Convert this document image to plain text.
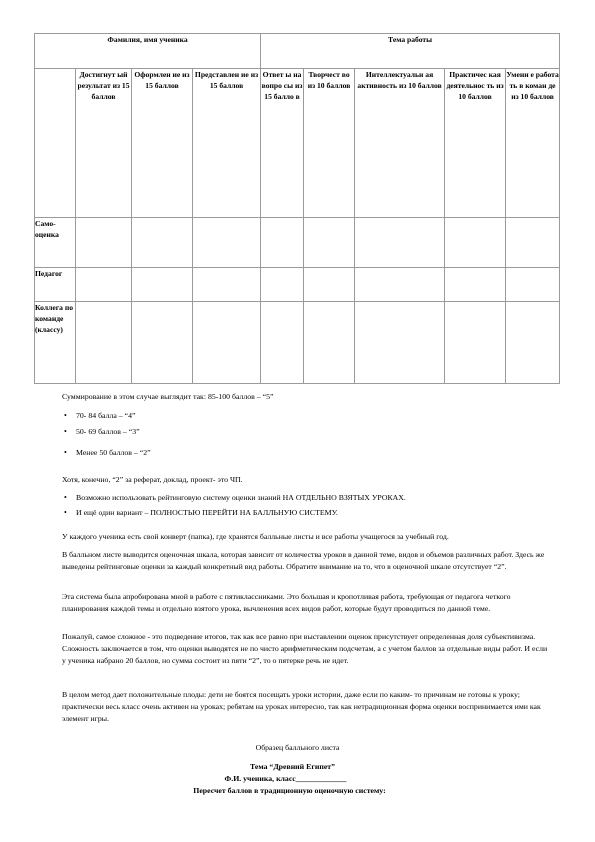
Фамилия, имя ученика				Тема работы				
	Достигнут ый результат из 15 баллов	Оформлен ие из 15 баллов	Представлен ие из 15 баллов	Ответ ы на вопро сы из 15 балло в	Творчест во из 10 баллов	Интеллектуальн ая активность из 10 баллов	Практичес кая деятельнос ть из 10 баллов	Умени е работа ть в коман де из 10 баллов
Само-оценка								
Педагог								
Коллега по команде (классу)								

Суммирование в этом случае выглядит так: 85-100 баллов – “5”

• 70- 84 балла – “4”
• 50- 69 баллов – “3”
• Менее 50 баллов – “2”

Хотя, конечно, “2” за реферат, доклад, проект- это ЧП.

• Возможно использовать рейтинговую систему оценки знаний НА ОТДЕЛЬНО ВЗЯТЫХ УРОКАХ.
• И ещё один вариант – ПОЛНОСТЬЮ ПЕРЕЙТИ НА БАЛЛЬНУЮ СИСТЕМУ.

У каждого ученика есть свой конверт (папка), где хранятся балльные листы и все работы учащегося за учебный год.

В балльном листе выводится оценочная шкала, которая зависит от количества уроков в данной теме, видов и объемов различных работ. Здесь же выведены рейтинговые оценки за каждый конкретный вид работы. Обратите внимание на то, что в оценочной шкале отсутствует “2”.

Эта система была апробирована мной в работе с пятиклассниками. Это большая и кропотливая работа, требующая от педагога четкого планирования каждой темы и отдельно взятого урока, вычленения всех видов работ, которые будут проводиться по данной теме.

Пожалуй, самое сложное - это подведение итогов, так как все равно при выставлении оценок присутствует определенная доля субъективизма. Сложность заключается в том, что оценки выводятся не по чисто арифметическим подсчетам, а с учетом баллов за отдельные виды работ. И если у ученика набрано 20 баллов, но сумма состоит из пяти “2”, то о пятерке речь не идет.

В целом метод дает положительные плоды: дети не боятся посещать уроки истории, даже если по каким- то причинам не готовы к уроку; практически весь класс очень активен на уроках; ребятам на уроках интересно, так как нетрадиционная форма оценки воспринимается ими как элемент игры.

Образец балльного листа

Тема “Древний Египет”

Ф.И. ученика, класс_____________

Пересчет баллов в традиционную оценочную систему:
